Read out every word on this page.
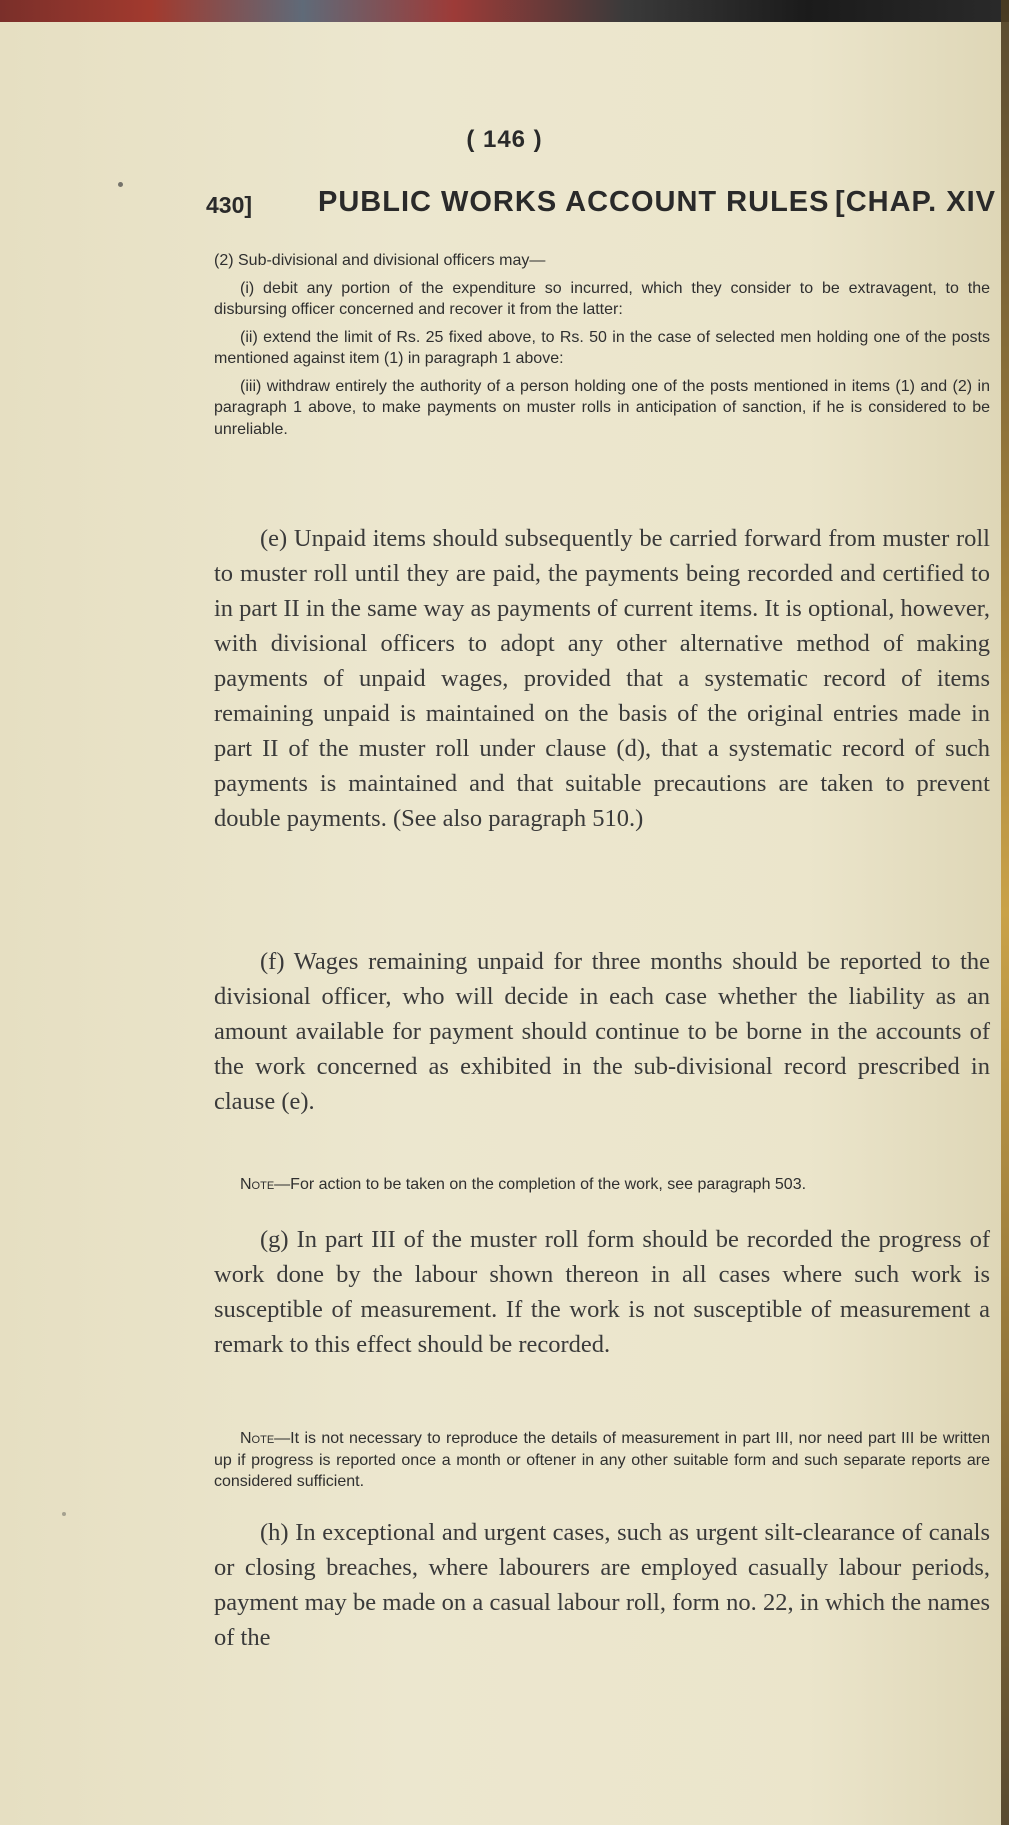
( 146 )
430] PUBLIC WORKS ACCOUNT RULES [CHAP. XIV

(2) Sub-divisional and divisional officers may—

(i) debit any portion of the expenditure so incurred, which they consider to be extravagent, to the disbursing officer concerned and recover it from the latter:

(ii) extend the limit of Rs. 25 fixed above, to Rs. 50 in the case of selected men holding one of the posts mentioned against item (1) in paragraph 1 above:

(iii) withdraw entirely the authority of a person holding one of the posts mentioned in items (1) and (2) in paragraph 1 above, to make payments on muster rolls in anticipation of sanction, if he is considered to be unreliable.

(e) Unpaid items should subsequently be carried forward from muster roll to muster roll until they are paid, the payments being recorded and certified to in part II in the same way as payments of current items. It is optional, however, with divisional officers to adopt any other alternative method of making payments of unpaid wages, provided that a systematic record of items remaining unpaid is maintained on the basis of the original entries made in part II of the muster roll under clause (d), that a systematic record of such payments is maintained and that suitable precautions are taken to prevent double payments. (See also paragraph 510.)

(f) Wages remaining unpaid for three months should be reported to the divisional officer, who will decide in each case whether the liability as an amount available for payment should continue to be borne in the accounts of the work concerned as exhibited in the sub-divisional record prescribed in clause (e).

Note—For action to be taken on the completion of the work, see paragraph 503.

(g) In part III of the muster roll form should be recorded the progress of work done by the labour shown thereon in all cases where such work is susceptible of measurement. If the work is not susceptible of measurement a remark to this effect should be recorded.

Note—It is not necessary to reproduce the details of measurement in part III, nor need part III be written up if progress is reported once a month or oftener in any other suitable form and such separate reports are considered sufficient.

(h) In exceptional and urgent cases, such as urgent silt-clearance of canals or closing breaches, where labourers are employed casually labour periods, payment may be made on a casual labour roll, form no. 22, in which the names of the
